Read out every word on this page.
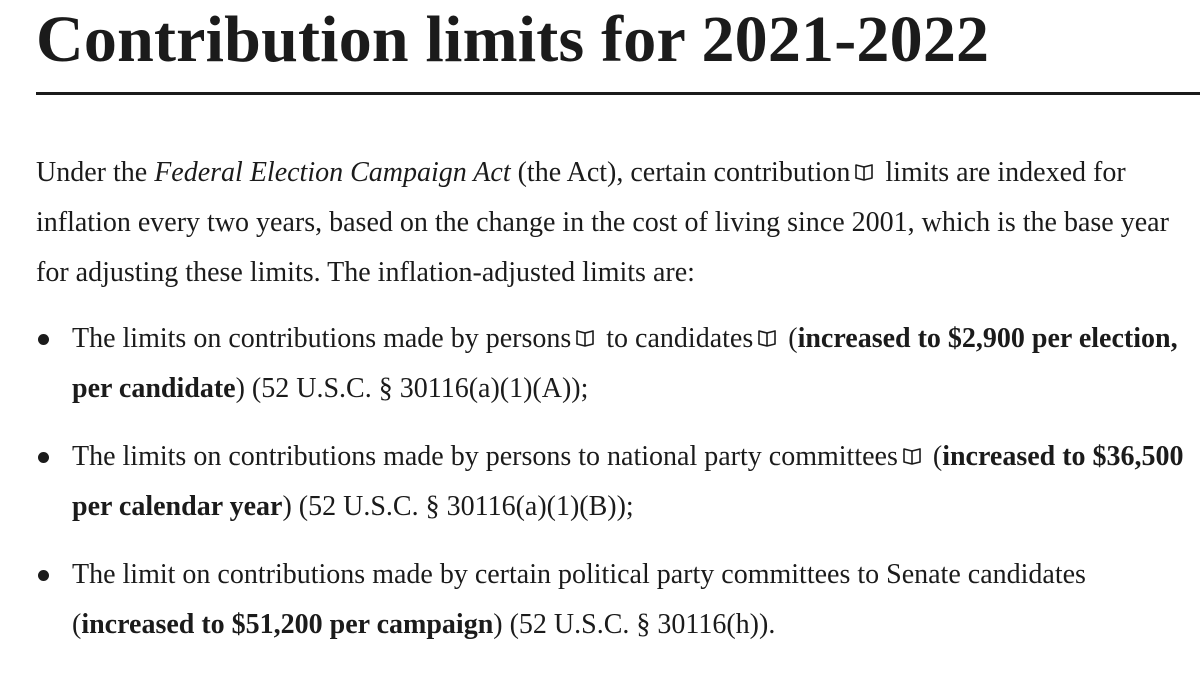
Contribution limits for 2021-2022

Under the Federal Election Campaign Act (the Act), certain contribution
limits are indexed for inflation every two years, based on the change in the cost of living since 2001, which is the base year for adjusting these limits. The inflation-adjusted limits are:

The limits on contributions made by persons
to candidates
(increased to $2,900 per election, per candidate) (52 U.S.C. § 30116(a)(1)(A));
The limits on contributions made by persons to national party committees
(increased to $36,500 per calendar year) (52 U.S.C. § 30116(a)(1)(B));
The limit on contributions made by certain political party committees to Senate candidates (increased to $51,200 per campaign) (52 U.S.C. § 30116(h)).
